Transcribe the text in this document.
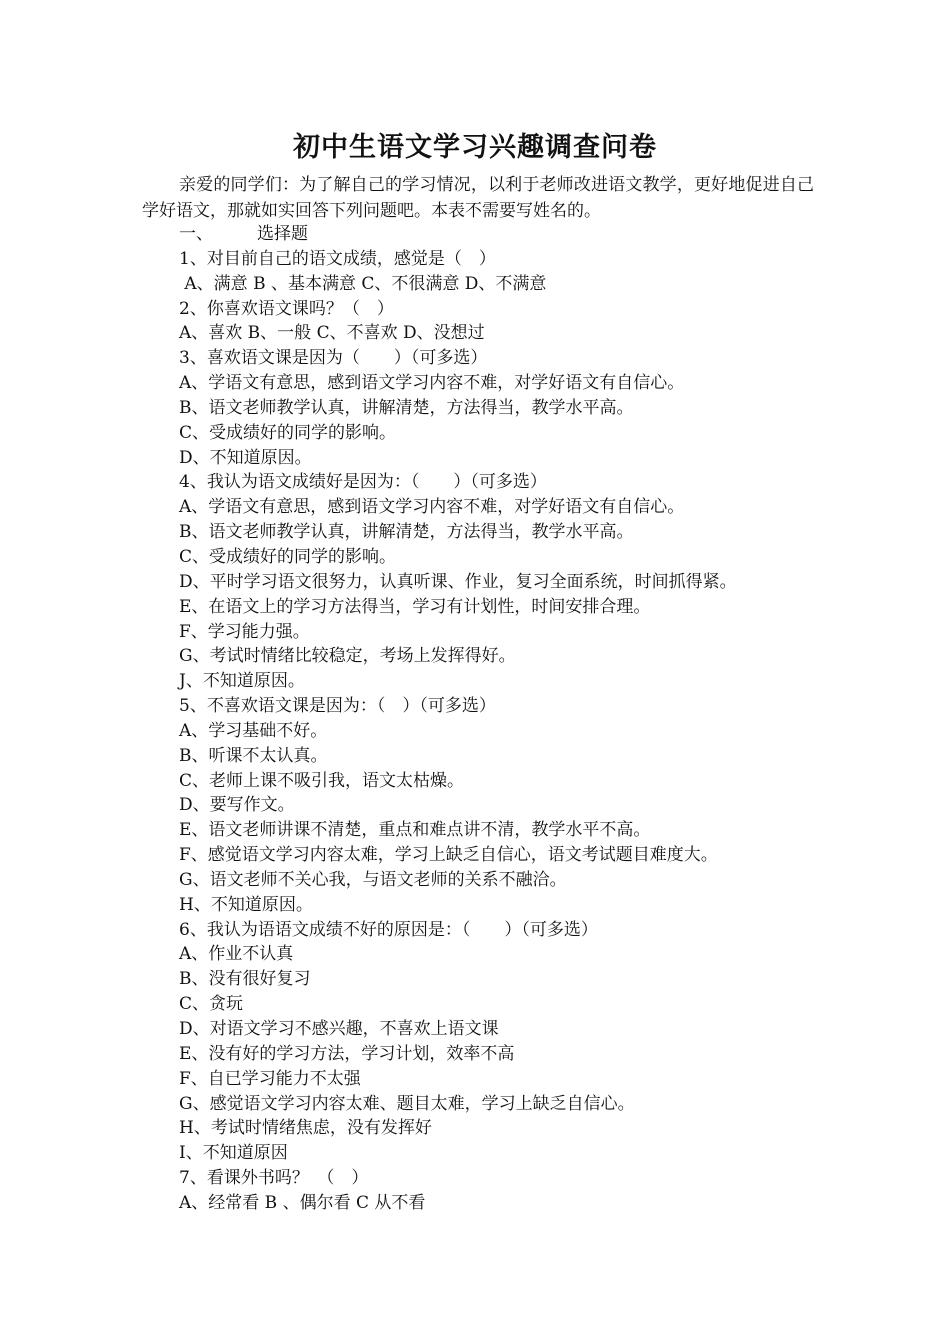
初中生语文学习兴趣调查问卷
亲爱的同学们：为了解自己的学习情况，以利于老师改进语文教学，更好地促进自己学好语文，那就如实回答下列问题吧。本表不需要写姓名的。
一、	选择题
1、对目前自己的语文成绩，感觉是（　）
A、满意 B 、基本满意 C、不很满意 D、不满意
2、你喜欢语文课吗？（　）
A、喜欢 B、一般 C、不喜欢 D、没想过
3、喜欢语文课是因为（　　）（可多选）
A、学语文有意思，感到语文学习内容不难，对学好语文有自信心。
B、语文老师教学认真，讲解清楚，方法得当，教学水平高。
C、受成绩好的同学的影响。
D、不知道原因。
4、我认为语文成绩好是因为：（　　）（可多选）
A、学语文有意思，感到语文学习内容不难，对学好语文有自信心。
B、语文老师教学认真，讲解清楚，方法得当，教学水平高。
C、受成绩好的同学的影响。
D、平时学习语文很努力，认真听课、作业，复习全面系统，时间抓得紧。
E、在语文上的学习方法得当，学习有计划性，时间安排合理。
F、学习能力强。
G、考试时情绪比较稳定，考场上发挥得好。
J、不知道原因。
5、不喜欢语文课是因为：（　）（可多选）
A、学习基础不好。
B、听课不太认真。
C、老师上课不吸引我，语文太枯燥。
D、要写作文。
E、语文老师讲课不清楚，重点和难点讲不清，教学水平不高。
F、感觉语文学习内容太难，学习上缺乏自信心，语文考试题目难度大。
G、语文老师不关心我，与语文老师的关系不融洽。
H、不知道原因。
6、我认为语语文成绩不好的原因是：（　　）（可多选）
A、作业不认真
B、没有很好复习
C、贪玩
D、对语文学习不感兴趣，不喜欢上语文课
E、没有好的学习方法，学习计划，效率不高
F、自已学习能力不太强
G、感觉语文学习内容太难、题目太难，学习上缺乏自信心。
H、考试时情绪焦虑，没有发挥好
I、不知道原因
7、看课外书吗？　（　）
A、经常看 B 、偶尔看 C 从不看
